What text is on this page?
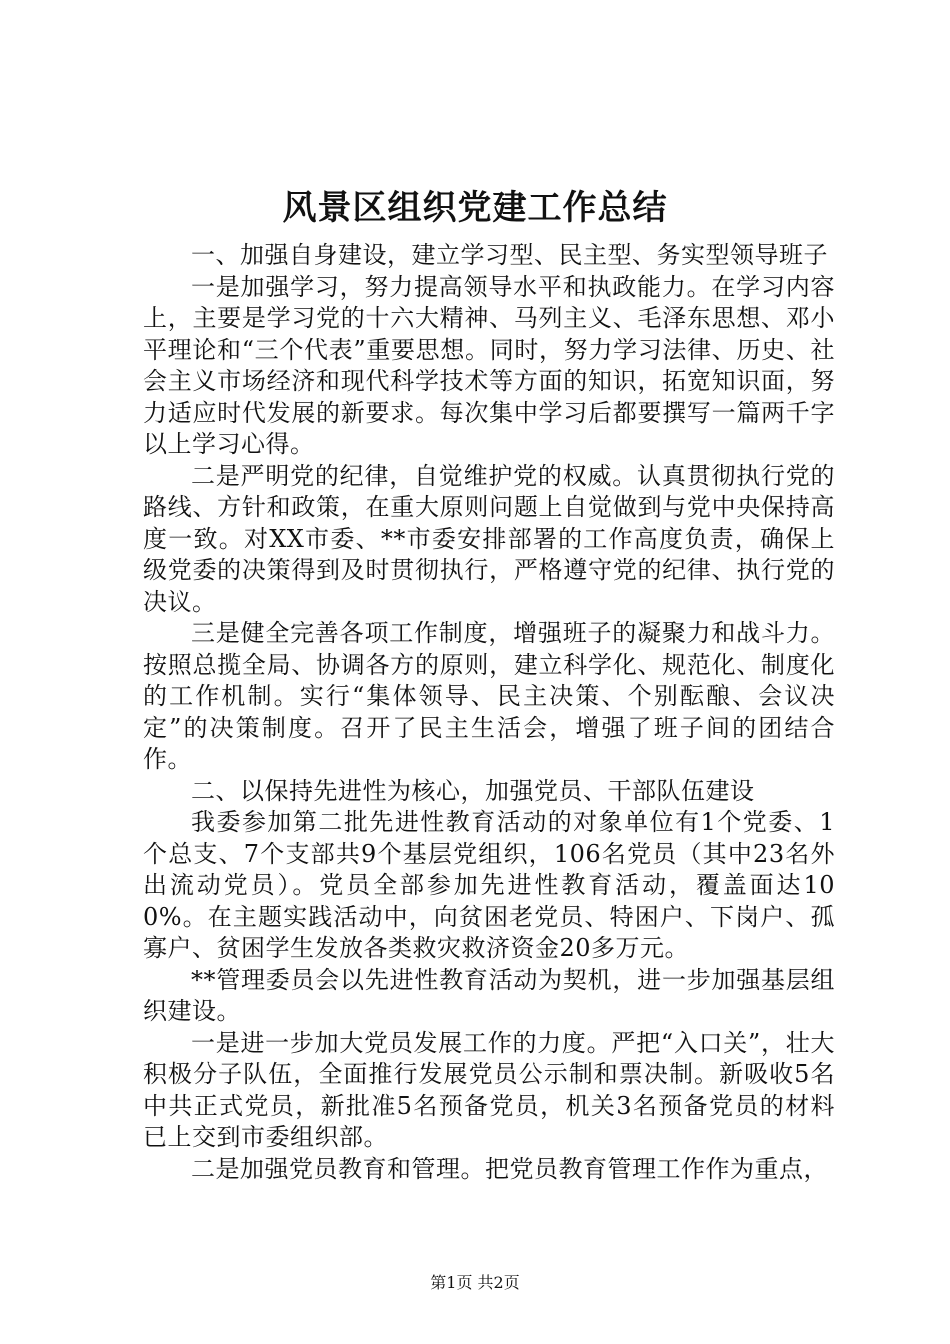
风景区组织党建工作总结

一、加强自身建设，建立学习型、民主型、务实型领导班子

一是加强学习，努力提高领导水平和执政能力。在学习内容上，主要是学习党的十六大精神、马列主义、毛泽东思想、邓小平理论和“三个代表”重要思想。同时，努力学习法律、历史、社会主义市场经济和现代科学技术等方面的知识，拓宽知识面，努力适应时代发展的新要求。每次集中学习后都要撰写一篇两千字以上学习心得。

二是严明党的纪律，自觉维护党的权威。认真贯彻执行党的路线、方针和政策，在重大原则问题上自觉做到与党中央保持高度一致。对XX市委、**市委安排部署的工作高度负责，确保上级党委的决策得到及时贯彻执行，严格遵守党的纪律、执行党的决议。

三是健全完善各项工作制度，增强班子的凝聚力和战斗力。按照总揽全局、协调各方的原则，建立科学化、规范化、制度化的工作机制。实行“集体领导、民主决策、个别酝酿、会议决定”的决策制度。召开了民主生活会，增强了班子间的团结合作。

二、以保持先进性为核心，加强党员、干部队伍建设

我委参加第二批先进性教育活动的对象单位有1个党委、1个总支、7个支部共9个基层党组织，106名党员（其中23名外出流动党员）。党员全部参加先进性教育活动，覆盖面达100%。在主题实践活动中，向贫困老党员、特困户、下岗户、孤寡户、贫困学生发放各类救灾救济资金20多万元。

**管理委员会以先进性教育活动为契机，进一步加强基层组织建设。

一是进一步加大党员发展工作的力度。严把“入口关”，壮大积极分子队伍，全面推行发展党员公示制和票决制。新吸收5名中共正式党员，新批准5名预备党员，机关3名预备党员的材料已上交到市委组织部。

二是加强党员教育和管理。把党员教育管理工作作为重点，

第1页 共2页
